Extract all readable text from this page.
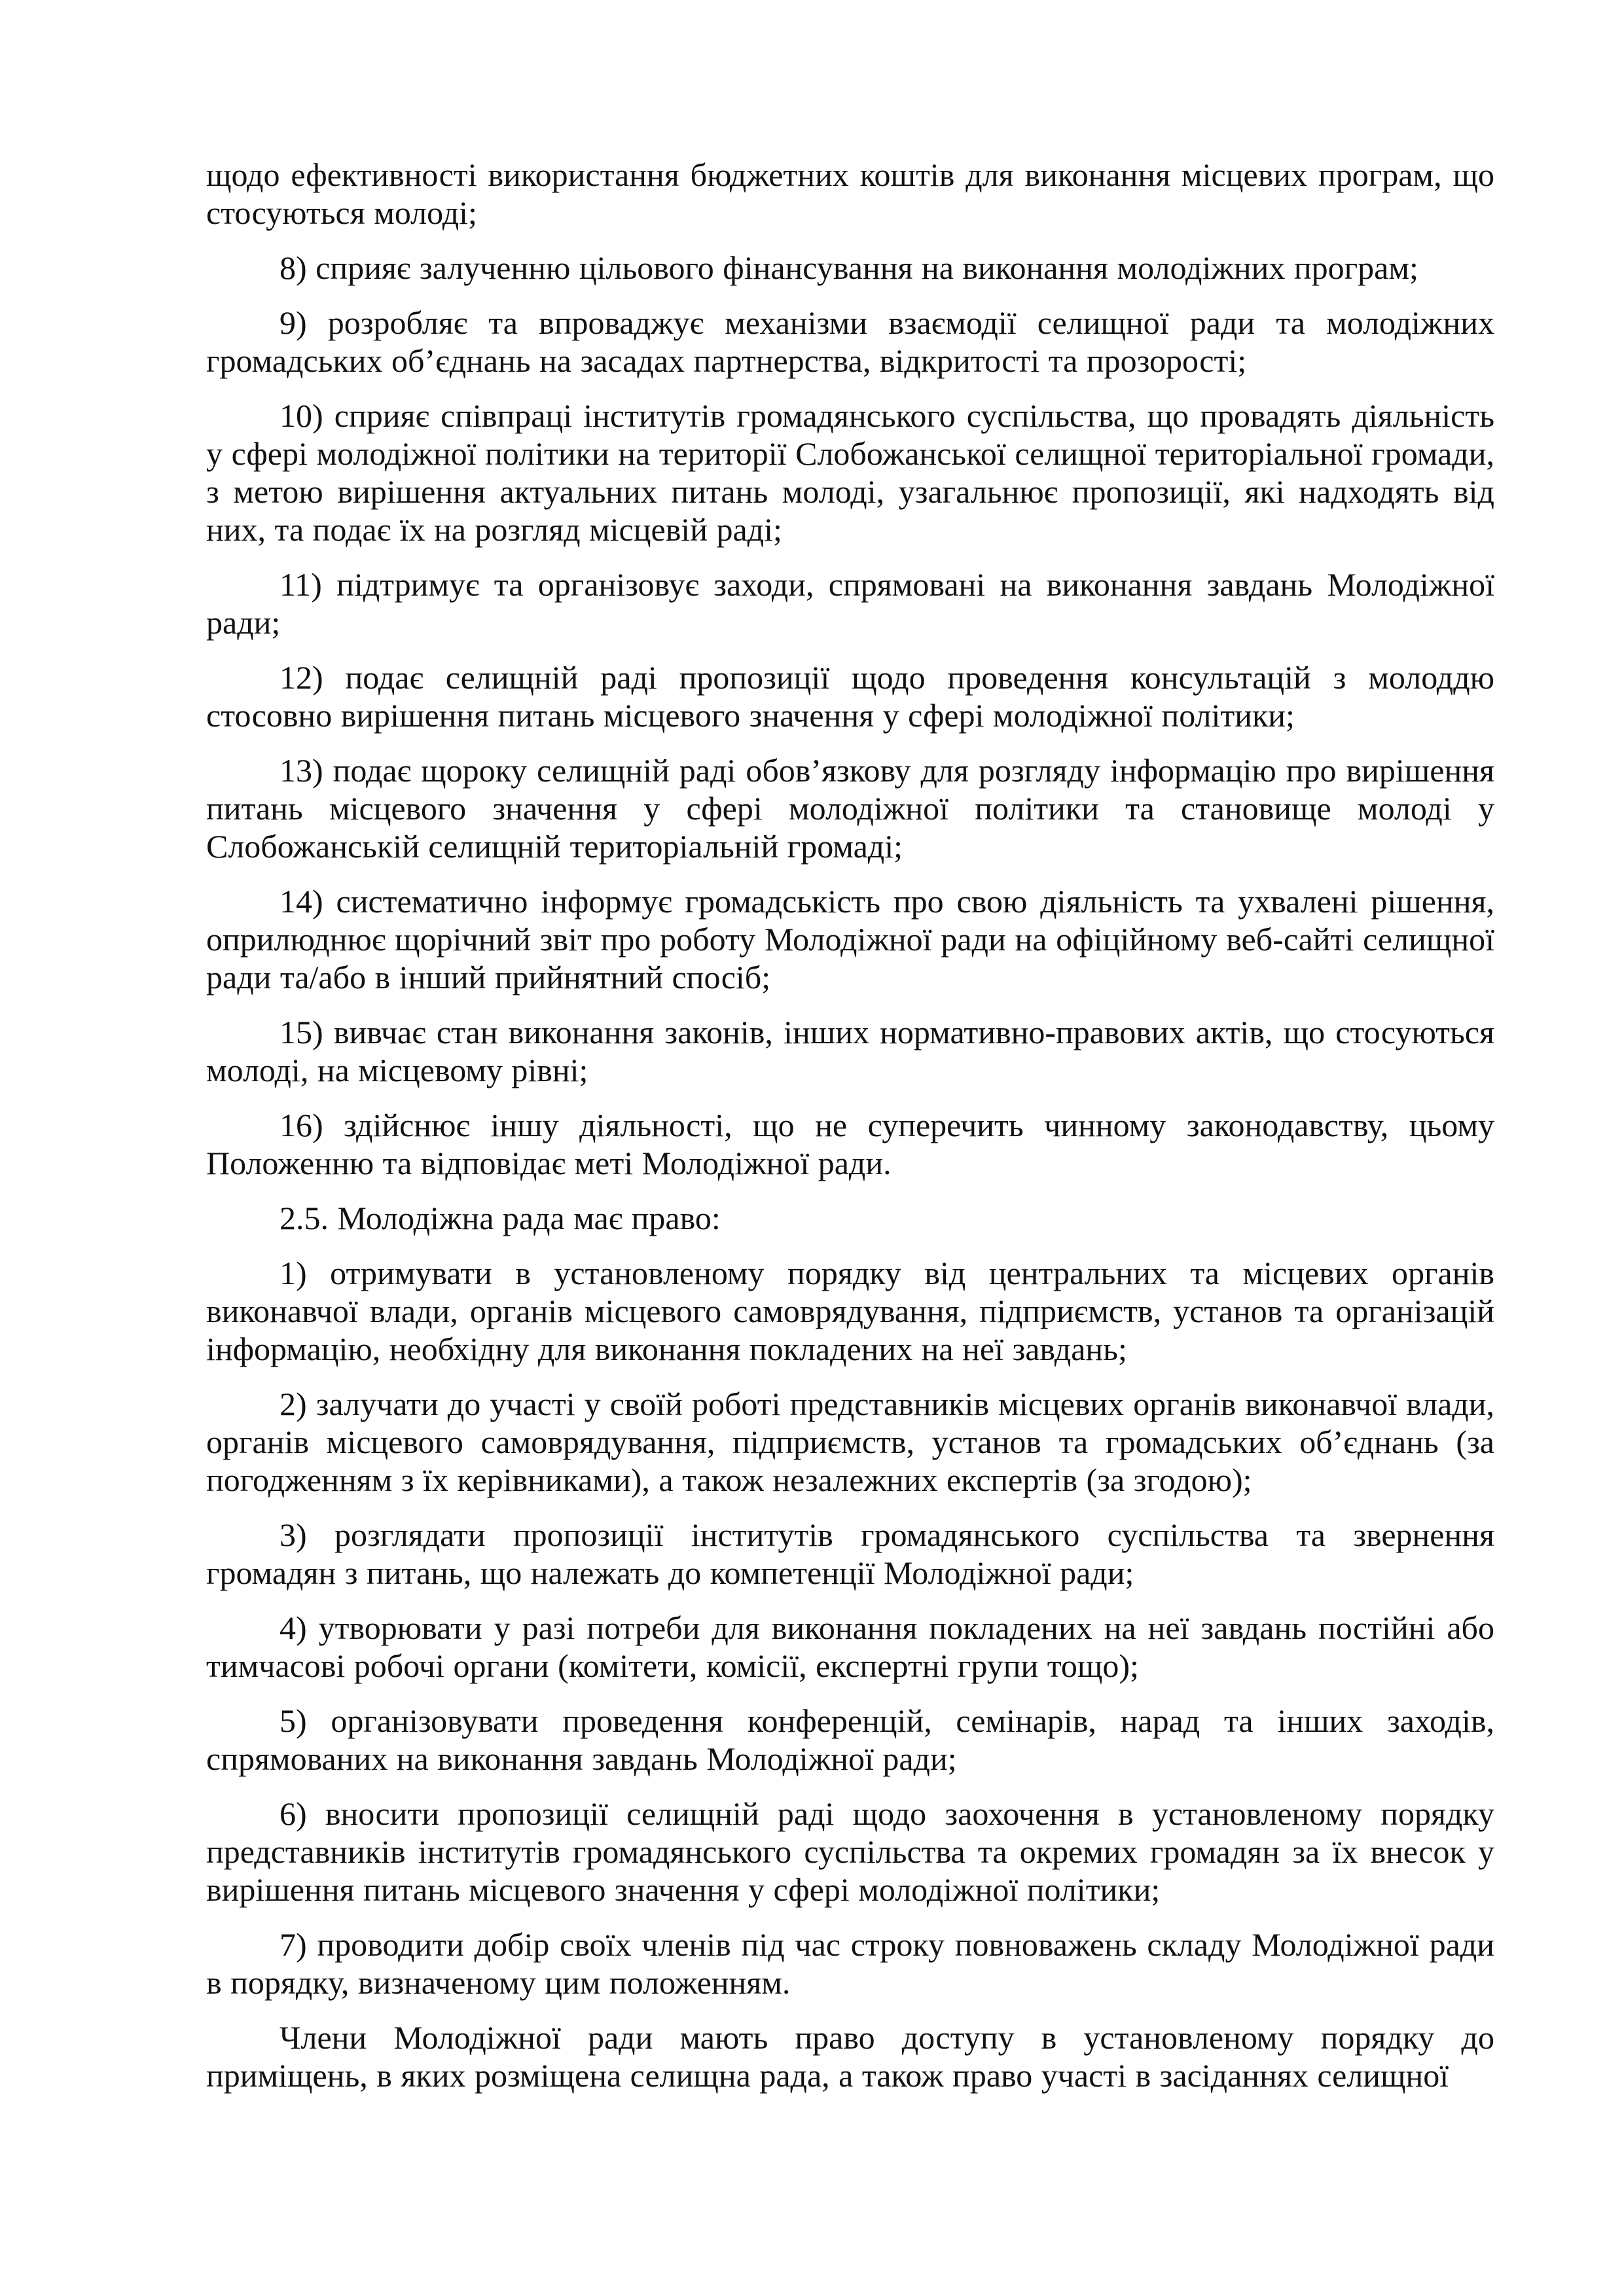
щодо ефективності використання бюджетних коштів для виконання місцевих програм, що стосуються молоді;

8) сприяє залученню цільового фінансування на виконання молодіжних програм;

9) розробляє та впроваджує механізми взаємодії селищної ради та молодіжних громадських об’єднань на засадах партнерства, відкритості та прозорості;

10) сприяє співпраці інститутів громадянського суспільства, що провадять діяльність у сфері молодіжної політики на території Слобожанської селищної територіальної громади, з метою вирішення актуальних питань молоді, узагальнює пропозиції, які надходять від них, та подає їх на розгляд місцевій раді;

11) підтримує та організовує заходи, спрямовані на виконання завдань Молодіжної ради;

12) подає селищній раді пропозиції щодо проведення консультацій з молоддю стосовно вирішення питань місцевого значення у сфері молодіжної політики;

13) подає щороку селищній раді обов’язкову для розгляду інформацію про вирішення питань місцевого значення у сфері молодіжної політики та становище молоді у Слобожанській селищній територіальній громаді;

14) систематично інформує громадськість про свою діяльність та ухвалені рішення, оприлюднює щорічний звіт про роботу Молодіжної ради на офіційному веб-сайті селищної ради та/або в інший прийнятний спосіб;

15) вивчає стан виконання законів, інших нормативно-правових актів, що стосуються молоді, на місцевому рівні;

16) здійснює іншу діяльності, що не суперечить чинному законодавству, цьому Положенню та відповідає меті Молодіжної ради.

2.5. Молодіжна рада має право:

1) отримувати в установленому порядку від центральних та місцевих органів виконавчої влади, органів місцевого самоврядування, підприємств, установ та організацій інформацію, необхідну для виконання покладених на неї завдань;

2) залучати до участі у своїй роботі представників місцевих органів виконавчої влади, органів місцевого самоврядування, підприємств, установ та громадських об’єднань (за погодженням з їх керівниками), а також незалежних експертів (за згодою);

3) розглядати пропозиції інститутів громадянського суспільства та звернення громадян з питань, що належать до компетенції Молодіжної ради;

4) утворювати у разі потреби для виконання покладених на неї завдань постійні або тимчасові робочі органи (комітети, комісії, експертні групи тощо);

5) організовувати проведення конференцій, семінарів, нарад та інших заходів, спрямованих на виконання завдань Молодіжної ради;

6) вносити пропозиції селищній раді щодо заохочення в установленому порядку представників інститутів громадянського суспільства та окремих громадян за їх внесок у вирішення питань місцевого значення у сфері молодіжної політики;

7) проводити добір своїх членів під час строку повноважень складу Молодіжної ради в порядку, визначеному цим положенням.

Члени Молодіжної ради мають право доступу в установленому порядку до приміщень, в яких розміщена селищна рада, а також право участі в засіданнях селищної
